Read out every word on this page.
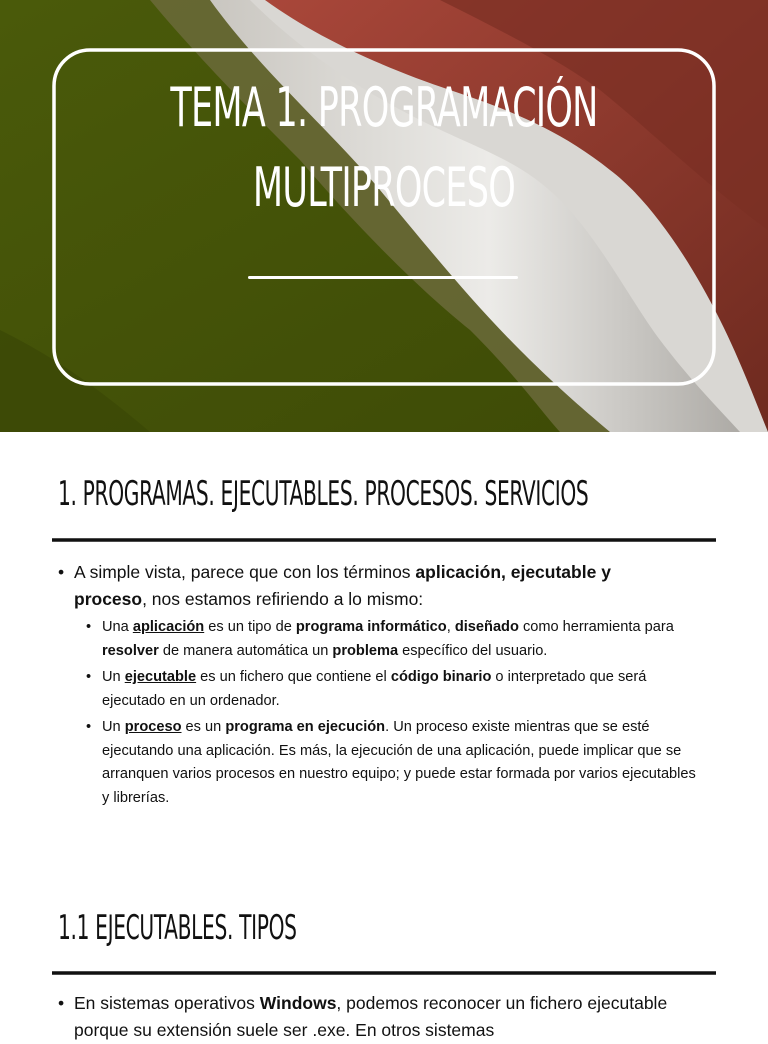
TEMA 1. PROGRAMACIÓN
MULTIPROCESO
1. PROGRAMAS. EJECUTABLES. PROCESOS. SERVICIOS
• A simple vista, parece que con los términos aplicación, ejecutable y proceso, nos estamos refiriendo a lo mismo:
• Una aplicación es un tipo de programa informático, diseñado como herramienta para resolver de manera automática un problema específico del usuario.
• Un ejecutable es un fichero que contiene el código binario o interpretado que será ejecutado en un ordenador.
• Un proceso es un programa en ejecución. Un proceso existe mientras que se esté ejecutando una aplicación. Es más, la ejecución de una aplicación, puede implicar que se arranquen varios procesos en nuestro equipo; y puede estar formada por varios ejecutables y librerías.
1.1 EJECUTABLES. TIPOS
• En sistemas operativos Windows, podemos reconocer un fichero ejecutable porque su extensión suele ser .exe. En otros sistemas
